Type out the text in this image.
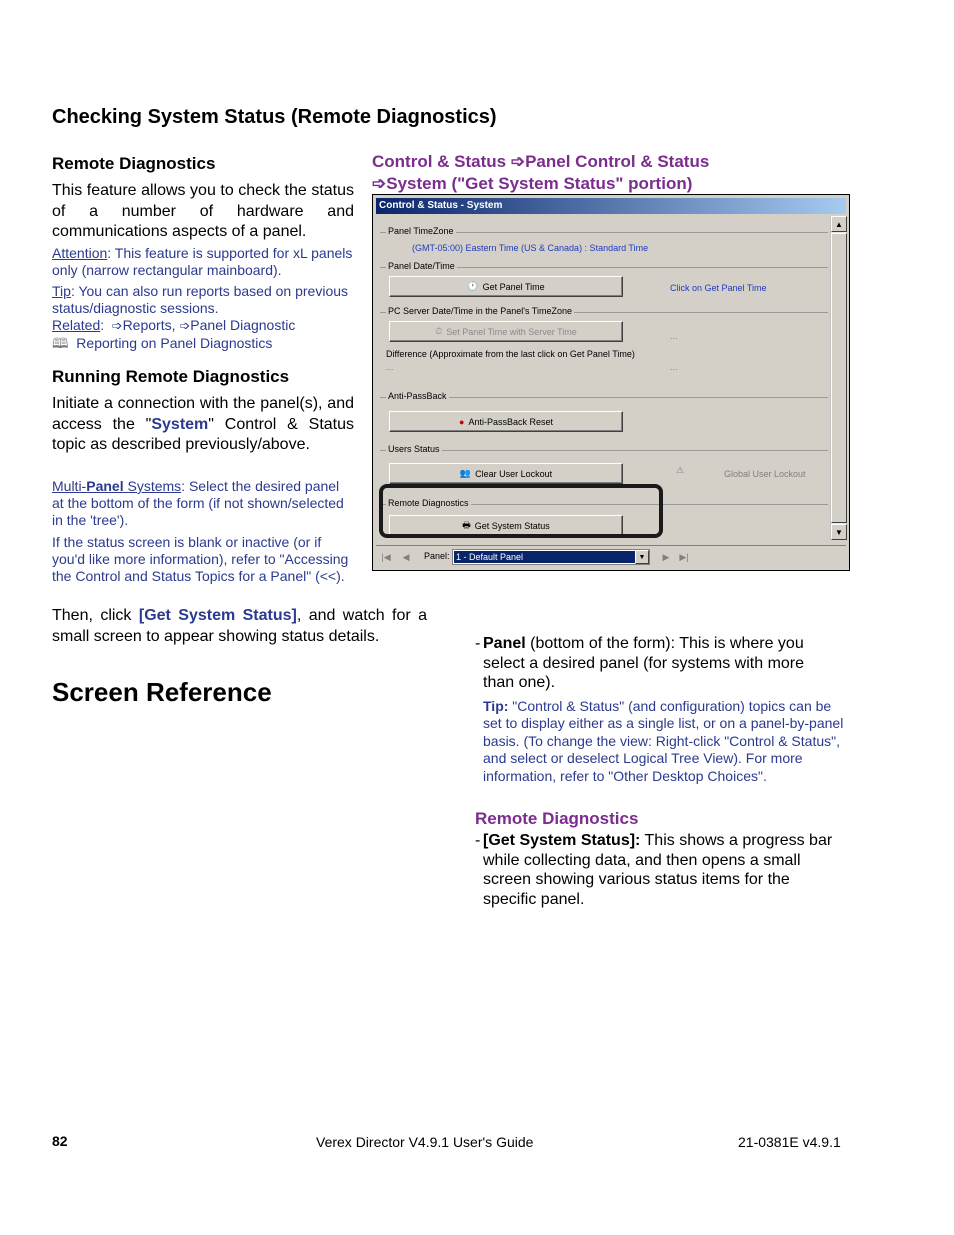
Checking System Status (Remote Diagnostics)
Remote Diagnostics
This feature allows you to check the status of a number of hardware and communications aspects of a panel.
Attention: This feature is supported for xL panels only (narrow rectangular mainboard).
Tip: You can also run reports based on previous status/diagnostic sessions.
Related:  ➩Reports, ➩Panel Diagnostic
🕮 Reporting on Panel Diagnostics
Running Remote Diagnostics
Initiate a connection with the panel(s), and access the "System" Control & Status topic as described previously/above.
Multi-Panel Systems: Select the desired panel at the bottom of the form (if not shown/selected in the 'tree').
If the status screen is blank or inactive (or if you'd like more information), refer to "Accessing the Control and Status Topics for a Panel" (<<).
Then, click [Get System Status], and watch for a small screen to appear showing status details.
Screen Reference
Control & Status ➩Panel Control & Status
➩System ("Get System Status" portion)
Control & Status - System
Panel TimeZone
(GMT-05:00) Eastern Time (US & Canada) : Standard Time
Panel Date/Time
🕐 Get Panel Time	Click on Get Panel Time
PC Server Date/Time in the Panel's TimeZone
⏱ Set Panel Time with Server Time	...
Difference (Approximate from the last click on Get Panel Time)
...	...
Anti-PassBack
● Anti-PassBack Reset
Users Status
👥 Clear User Lockout	⚠	Global User Lockout
Remote Diagnostics
🖶 Get System Status
▲
▼
|◀	◀	Panel: 1 - Default Panel	▼	▶	▶|
- Panel (bottom of the form): This is where you select a desired panel (for systems with more than one).
Tip: "Control & Status" (and configuration) topics can be set to display either as a single list, or on a panel-by-panel basis. (To change the view: Right-click "Control & Status", and select or deselect Logical Tree View). For more information, refer to "Other Desktop Choices".
Remote Diagnostics
- [Get System Status]: This shows a progress bar while collecting data, and then opens a small screen showing various status items for the specific panel.
82	Verex Director V4.9.1 User's Guide	21-0381E v4.9.1
